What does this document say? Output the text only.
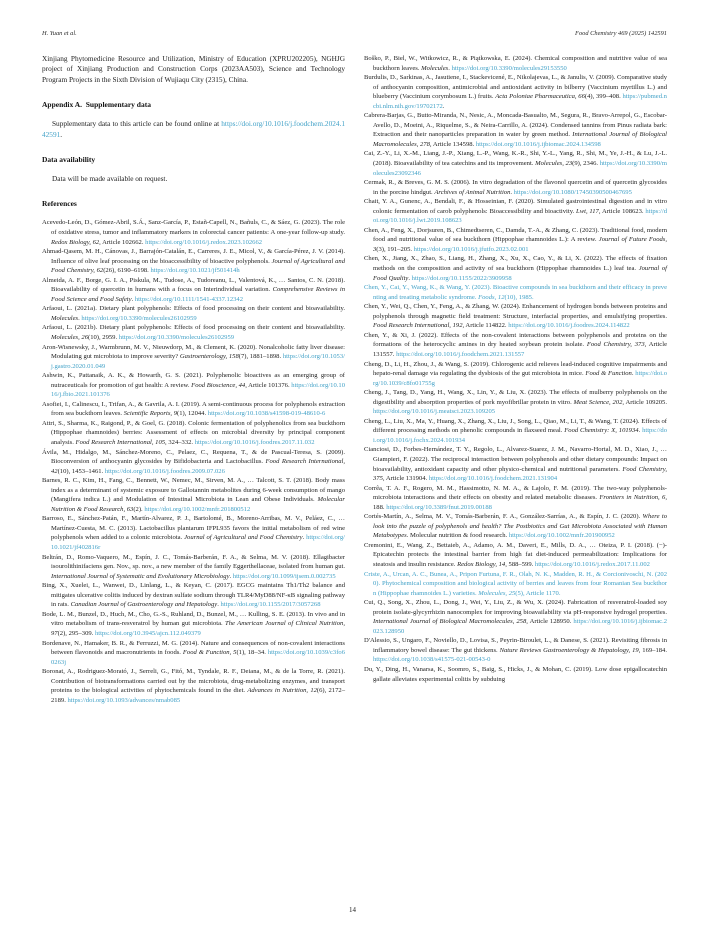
H. Yuan et al.	Food Chemistry 469 (2025) 142591

Xinjiang Phytomedicine Resource and Utilization, Ministry of Education (XPRU202205), NGHJG project of Xinjiang Production and Construction Corps (2023AA503), Science and Technology Program Projects in the Sixth Division of Wujiaqu City (2315), China.

Appendix A.  Supplementary data

Supplementary data to this article can be found online at https://doi.org/10.1016/j.foodchem.2024.142591.

Data availability

Data will be made available on request.

References
Acevedo-León, D., Gómez-Abril, S.Á., Sanz-García, P., Estañ-Capell, N., Bañuls, C., & Sáez, G. (2023). The role of oxidative stress, tumor and inflammatory markers in colorectal cancer patients: A one-year follow-up study. Redox Biology, 62, Article 102662. https://doi.org/10.1016/j.redox.2023.102662
Ahmad-Qasem, M. H., Cánovas, J., Barrajón-Catalán, E., Carreres, J. E., Micol, V., & García-Pérez, J. V. (2014). Influence of olive leaf processing on the bioaccessibility of bioactive polyphenols. Journal of Agricultural and Food Chemistry, 62(26), 6190–6198. https://doi.org/10.1021/jf501414h
Almeida, A. F., Borge, G. I. A., Piskula, M., Tudose, A., Tudoreanu, L., Valentová, K., … Santos, C. N. (2018). Bioavailability of quercetin in humans with a focus on Interindividual variation. Comprehensive Reviews in Food Science and Food Safety. https://doi.org/10.1111/1541-4337.12342
Arfaoui, L. (2021a). Dietary plant polyphenols: Effects of food processing on their content and bioavailability. Molecules. https://doi.org/10.3390/molecules26102959
Arfaoui, L. (2021b). Dietary plant polyphenols: Effects of food processing on their content and bioavailability. Molecules, 26(10), 2959. https://doi.org/10.3390/molecules26102959
Aron-Wisnewsky, J., Warmbrunn, M. V., Nieuwdorp, M., & Clement, K. (2020). Nonalcoholic fatty liver disease: Modulating gut microbiota to improve severity? Gastroenterology, 158(7), 1881–1898. https://doi.org/10.1053/j.gastro.2020.01.049
Ashwin, K., Pattanaik, A. K., & Howarth, G. S. (2021). Polyphenolic bioactives as an emerging group of nutraceuticals for promotion of gut health: A review. Food Bioscience, 44, Article 101376. https://doi.org/10.1016/j.fbio.2021.101376
Asofiei, I., Calinescu, I., Trifan, A., & Gavrila, A. I. (2019). A semi-continuous process for polyphenols extraction from sea buckthorn leaves. Scientific Reports, 9(1), 12044. https://doi.org/10.1038/s41598-019-48610-6
Attri, S., Sharma, K., Raigond, P., & Goel, G. (2018). Colonic fermentation of polyphenolics from sea buckthorn (Hippophae rhamnoides) berries: Assessment of effects on microbial diversity by principal component analysis. Food Research International, 105, 324–332. https://doi.org/10.1016/j.foodres.2017.11.032
Ávila, M., Hidalgo, M., Sánchez-Moreno, C., Pelaez, C., Requena, T., & de Pascual-Teresa, S. (2009). Bioconversion of anthocyanin glycosides by Bifidobacteria and Lactobacillus. Food Research International, 42(10), 1453–1461. https://doi.org/10.1016/j.foodres.2009.07.026
Barnes, R. C., Kim, H., Fang, C., Bennett, W., Nemec, M., Sirven, M. A., … Talcott, S. T. (2018). Body mass index as a determinant of systemic exposure to Gallotannin metabolites during 6-week consumption of mango (Mangifera indica L.) and Modulation of Intestinal Microbiota in Lean and Obese Individuals. Molecular Nutrition & Food Research, 63(2). https://doi.org/10.1002/mnfr.201800512
Barroso, E., Sánchez-Patán, F., Martín-Alvarez, P. J., Bartolomé, B., Moreno-Arribas, M. V., Peláez, C., … Martínez-Cuesta, M. C. (2013). Lactobacillus plantarum IFPL935 favors the initial metabolism of red wine polyphenols when added to a colonic microbiota. Journal of Agricultural and Food Chemistry. https://doi.org/10.1021/jf402816r
Beltrán, D., Romo-Vaquero, M., Espín, J. C., Tomás-Barberán, F. A., & Selma, M. V. (2018). Ellagibacter isourolithinifaciens gen. Nov., sp. nov., a new member of the family Eggerthellaceae, isolated from human gut. International Journal of Systematic and Evolutionary Microbiology. https://doi.org/10.1099/ijsem.0.002735
Bing, X., Xuelei, L., Wanwei, D., Linlang, L., & Keyan, C. (2017). EGCG maintains Th1/Th2 balance and mitigates ulcerative colitis induced by dextran sulfate sodium through TLR4/MyD88/NF-κB signaling pathway in rats. Canadian Journal of Gastroenterology and Hepatology. https://doi.org/10.1155/2017/3057268
Bode, L. M., Bunzel, D., Huch, M., Cho, G.-S., Ruhland, D., Bunzel, M., … Kulling, S. E. (2013). In vivo and in vitro metabolism of trans-resveratrol by human gut microbiota. The American Journal of Clinical Nutrition, 97(2), 295–309. https://doi.org/10.3945/ajcn.112.049379
Bordenave, N., Hamaker, B. R., & Ferruzzi, M. G. (2014). Nature and consequences of non-covalent interactions between flavonoids and macronutrients in foods. Food & Function, 5(1), 18–34. https://doi.org/10.1039/c3fo60263j
Boronat, A., Rodriguez-Morató, J., Serreli, G., Fitó, M., Tyndale, R. F., Deiana, M., & de la Torre, R. (2021). Contribution of biotransformations carried out by the microbiota, drug-metabolizing enzymes, and transport proteins to the biological activities of phytochemicals found in the diet. Advances in Nutrition, 12(6), 2172–2189. https://doi.org/10.1093/advances/nmab085
Boško, P., Biel, W., Witkowicz, R., & Piątkowska, E. (2024). Chemical composition and nutritive value of sea buckthorn leaves. Molecules. https://doi.org/10.3390/molecules29153550
Burdulis, D., Sarkinas, A., Jasutiene, I., Stackevicené, E., Nikolajevas, L., & Janulis, V. (2009). Comparative study of anthocyanin composition, antimicrobial and antioxidant activity in bilberry (Vaccinium myrtillus L.) and blueberry (Vaccinium corymbosum L.) fruits. Acta Poloniae Pharmaceutica, 66(4), 399–408. https://pubmed.ncbi.nlm.nih.gov/19702172.
Cabrera-Barjas, G., Butto-Miranda, N., Nesic, A., Moncada-Basualto, M., Segura, R., Bravo-Arrepol, G., Escobar-Avello, D., Moeini, A., Riquelme, S., & Neira-Carrillo, A. (2024). Condensed tannins from Pinus radiata bark: Extraction and their nanoparticles preparation in water by green method. International Journal of Biological Macromolecules, 278, Article 134598. https://doi.org/10.1016/j.ijbiomac.2024.134598
Cai, Z.-Y., Li, X.-M., Liang, J.-P., Xiang, L.-P., Wang, K.-R., Shi, Y.-L., Yang, R., Shi, M., Ye, J.-H., & Lu, J.-L. (2018). Bioavailability of tea catechins and its improvement. Molecules, 23(9), 2346. https://doi.org/10.3390/molecules23092346
Cermak, R., & Breves, G. M. S. (2006). In vitro degradation of the flavonol quercetin and of quercetin glycosides in the porcine hindgut. Archives of Animal Nutrition. https://doi.org/10.1080/17450390500467695
Chait, Y. A., Gunenc, A., Bendali, F., & Hosseinian, F. (2020). Simulated gastrointestinal digestion and in vitro colonic fermentation of carob polyphenols: Bioaccessibility and bioactivity. Lwt, 117, Article 108623. https://doi.org/10.1016/j.lwt.2019.108623
Chen, A., Feng, X., Dorjsuren, B., Chimedtseren, C., Damda, T.-A., & Zhang, C. (2023). Traditional food, modern food and nutritional value of sea buckthorn (Hippophae rhamnoides L.): A review. Journal of Future Foods, 3(3), 191–205. https://doi.org/10.1016/j.jfutfo.2023.02.001
Chen, X., Jiang, X., Zhao, S., Liang, H., Zhang, X., Xu, X., Cao, Y., & Li, X. (2022). The effects of fixation methods on the composition and activity of sea buckthorn (Hippophae rhamnoides L.) leaf tea. Journal of Food Quality. https://doi.org/10.1155/2022/3909958
Chen, Y., Cai, Y., Wang, K., & Wang, Y. (2023). Bioactive compounds in sea buckthorn and their efficacy in preventing and treating metabolic syndrome. Foods, 12(10), 1985.
Chen, Y., Wei, Q., Chen, Y., Feng, A., & Zhang, W. (2024). Enhancement of hydrogen bonds between proteins and polyphenols through magnetic field treatment: Structure, interfacial properties, and emulsifying properties. Food Research International, 192, Article 114822. https://doi.org/10.1016/j.foodres.2024.114822
Chen, Y., & Xi, J. (2022). Effects of the non-covalent interactions between polyphenols and proteins on the formations of the heterocyclic amines in dry heated soybean protein isolate. Food Chemistry, 373, Article 131557. https://doi.org/10.1016/j.foodchem.2021.131557
Cheng, D., Li, H., Zhou, J., & Wang, S. (2019). Chlorogenic acid relieves lead-induced cognitive impairments and hepato-renal damage via regulating the dysbiosis of the gut microbiota in mice. Food & Function. https://doi.org/10.1039/c8fo01755g
Cheng, J., Tang, D., Yang, H., Wang, X., Lin, Y., & Liu, X. (2023). The effects of mulberry polyphenols on the digestibility and absorption properties of pork myofibrillar protein in vitro. Meat Science, 202, Article 109205. https://doi.org/10.1016/j.meatsci.2023.109205
Cheng, L., Liu, X., Ma, Y., Huang, X., Zhang, X., Liu, J., Song, L., Qiao, M., Li, T., & Wang, T. (2024). Effects of different processing methods on phenolic compounds in flaxseed meal. Food Chemistry: X, 101934. https://doi.org/10.1016/j.fochx.2024.101934
Cianciosi, D., Forbes-Hernández, T. Y., Regolo, L., Alvarez-Suarez, J. M., Navarro-Hortal, M. D., Xiao, J., … Giampieri, F. (2022). The reciprocal interaction between polyphenols and other dietary compounds: Impact on bioavailability, antioxidant capacity and other physico-chemical and nutritional parameters. Food Chemistry, 375, Article 131904. https://doi.org/10.1016/j.foodchem.2021.131904
Corrêa, T. A. F., Rogero, M. M., Hassimotto, N. M. A., & Lajolo, F. M. (2019). The two-way polyphenols-microbiota interactions and their effects on obesity and related metabolic diseases. Frontiers in Nutrition, 6, 188. https://doi.org/10.3389/fnut.2019.00188
Cortés-Martín, A., Selma, M. V., Tomás-Barberán, F. A., González-Sarrías, A., & Espín, J. C. (2020). Where to look into the puzzle of polyphenols and health? The Postbiotics and Gut Microbiota Associated with Human Metabotypes. Molecular nutrition & food research. https://doi.org/10.1002/mnfr.201900952
Cremonini, E., Wang, Z., Bettaieb, A., Adamo, A. M., Daveri, E., Mills, D. A., … Oteiza, P. I. (2018). (−)-Epicatechin protects the intestinal barrier from high fat diet-induced permeabilization: Implications for steatosis and insulin resistance. Redox Biology, 14, 588–599. https://doi.org/10.1016/j.redox.2017.11.002
Criste, A., Urcan, A. C., Bunea, A., Pripon Furtuna, F. R., Olah, N. K., Madden, R. H., & Corcionivoschi, N. (2020). Phytochemical composition and biological activity of berries and leaves from four Romanian Sea buckthorn (Hippophae rhamnoides L.) varieties. Molecules, 25(5), Article 1170.
Cui, Q., Song, X., Zhou, L., Dong, J., Wei, Y., Liu, Z., & Wu, X. (2024). Fabrication of resveratrol-loaded soy protein isolate-glycyrrhizin nanocomplex for improving bioavailability via pH-responsive hydrogel properties. International Journal of Biological Macromolecules, 258, Article 128950. https://doi.org/10.1016/j.ijbiomac.2023.128950
D'Alessio, S., Ungaro, F., Noviello, D., Lovisa, S., Peyrin-Biroulet, L., & Danese, S. (2021). Revisiting fibrosis in inflammatory bowel disease: The gut thickens. Nature Reviews Gastroenterology & Hepatology, 19, 169–184. https://doi.org/10.1038/s41575-021-00543-0
Du, Y., Ding, H., Vanarsa, K., Soomro, S., Baig, S., Hicks, J., & Mohan, C. (2019). Low dose epigallocatechin gallate alleviates experimental colitis by subduing
14
